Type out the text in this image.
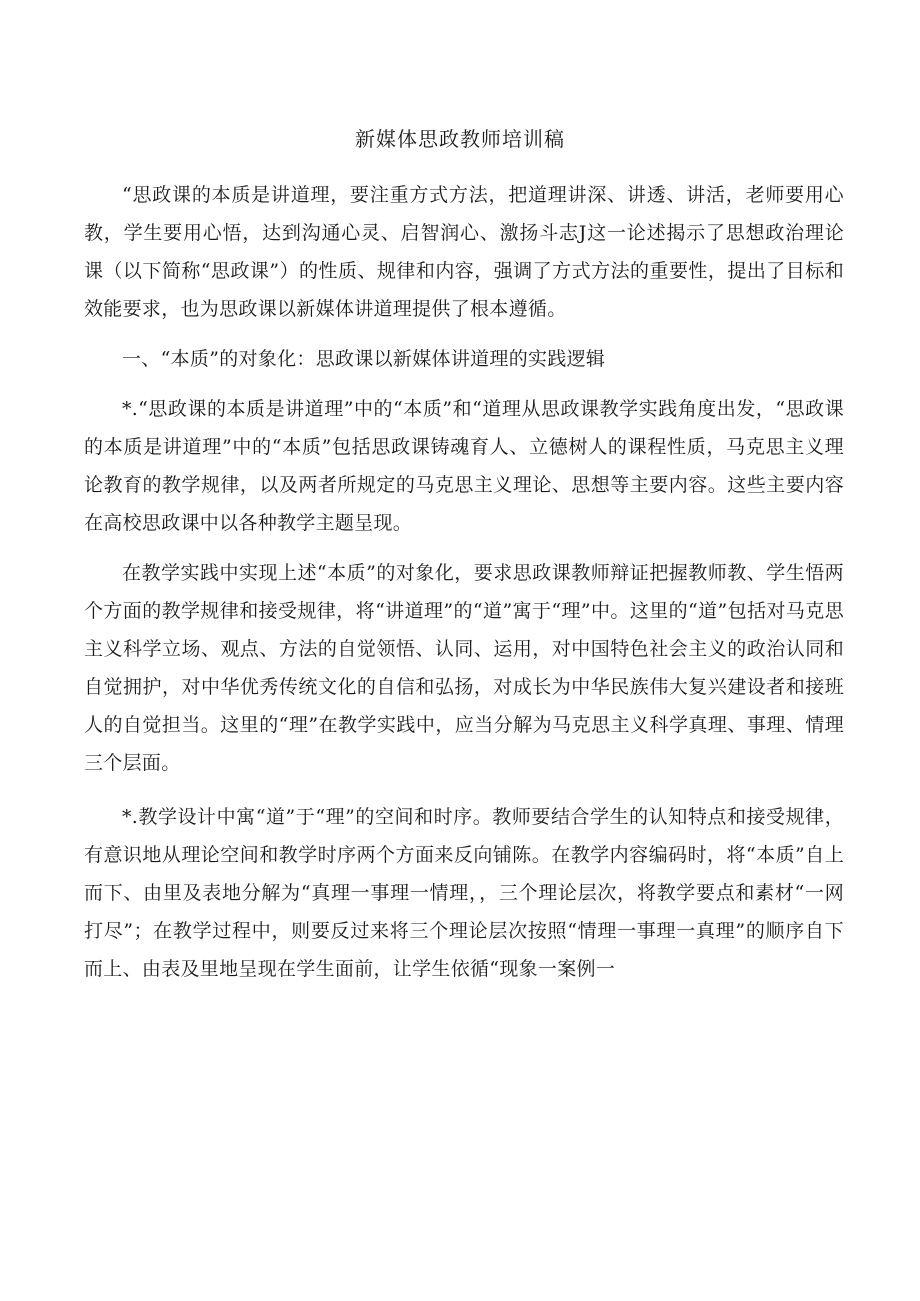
新媒体思政教师培训稿

“思政课的本质是讲道理，要注重方式方法，把道理讲深、讲透、讲活，老师要用心教，学生要用心悟，达到沟通心灵、启智润心、激扬斗志J这一论述揭示了思想政治理论课（以下简称“思政课”）的性质、规律和内容，强调了方式方法的重要性，提出了目标和效能要求，也为思政课以新媒体讲道理提供了根本遵循。

一、“本质”的对象化：思政课以新媒体讲道理的实践逻辑

*.“思政课的本质是讲道理”中的“本质”和“道理从思政课教学实践角度出发，“思政课的本质是讲道理”中的“本质”包括思政课铸魂育人、立德树人的课程性质，马克思主义理论教育的教学规律，以及两者所规定的马克思主义理论、思想等主要内容。这些主要内容在高校思政课中以各种教学主题呈现。

在教学实践中实现上述“本质”的对象化，要求思政课教师辩证把握教师教、学生悟两个方面的教学规律和接受规律，将“讲道理”的“道”寓于“理”中。这里的“道”包括对马克思主义科学立场、观点、方法的自觉领悟、认同、运用，对中国特色社会主义的政治认同和自觉拥护，对中华优秀传统文化的自信和弘扬，对成长为中华民族伟大复兴建设者和接班人的自觉担当。这里的“理”在教学实践中，应当分解为马克思主义科学真理、事理、情理三个层面。

*.教学设计中寓“道”于“理”的空间和时序。教师要结合学生的认知特点和接受规律，有意识地从理论空间和教学时序两个方面来反向铺陈。在教学内容编码时，将“本质”自上而下、由里及表地分解为“真理一事理一情理，，三个理论层次，将教学要点和素材“一网打尽”；在教学过程中，则要反过来将三个理论层次按照“情理一事理一真理”的顺序自下而上、由表及里地呈现在学生面前，让学生依循“现象一案例一
